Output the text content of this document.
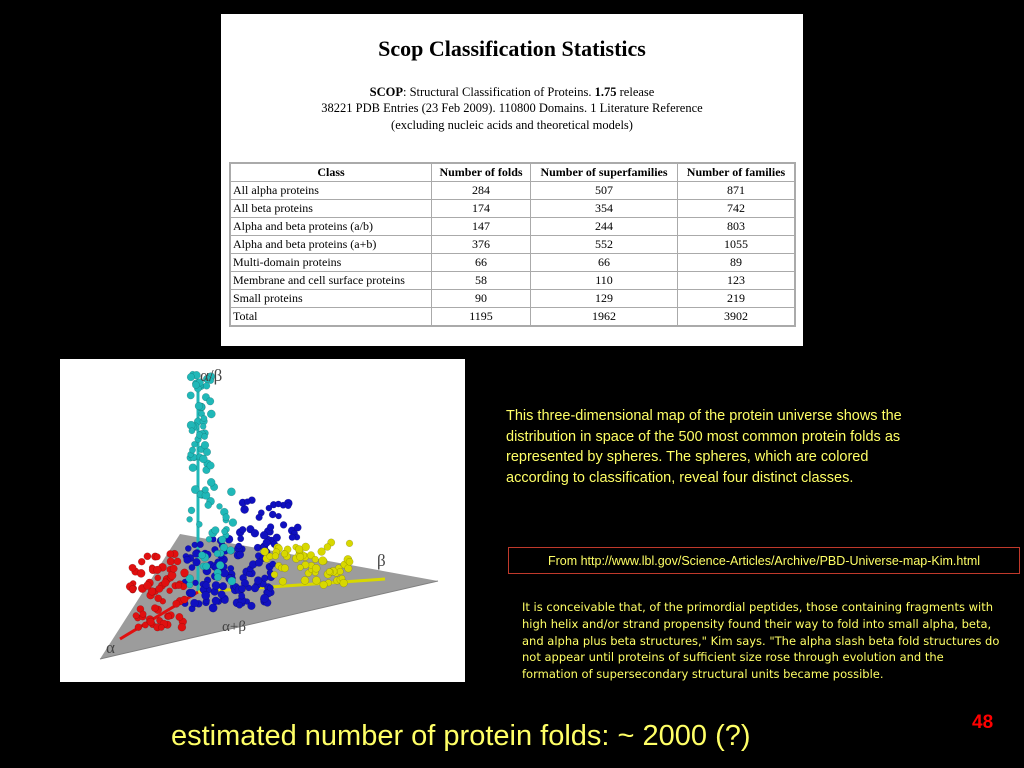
Scop Classification Statistics
SCOP: Structural Classification of Proteins. 1.75 release
38221 PDB Entries (23 Feb 2009). 110800 Domains. 1 Literature Reference
(excluding nucleic acids and theoretical models)
Class	Number of folds	Number of superfamilies	Number of families
All alpha proteins	284	507	871
All beta proteins	174	354	742
Alpha and beta proteins (a/b)	147	244	803
Alpha and beta proteins (a+b)	376	552	1055
Multi-domain proteins	66	66	89
Membrane and cell surface proteins	58	110	123
Small proteins	90	129	219
Total	1195	1962	3902
α/β
β
α+β
α
This three-dimensional map of the protein universe shows the distribution in space of the 500 most common protein folds as represented by spheres. The spheres, which are colored according to classification, reveal four distinct classes.
From http://www.lbl.gov/Science-Articles/Archive/PBD-Universe-map-Kim.html
It is conceivable that, of the primordial peptides, those containing fragments with high helix and/or strand propensity found their way to fold into small alpha, beta, and alpha plus beta structures," Kim says. "The alpha slash beta fold structures do not appear until proteins of sufficient size rose through evolution and the formation of supersecondary structural units became possible.
estimated number of protein folds: ~ 2000 (?)	48
